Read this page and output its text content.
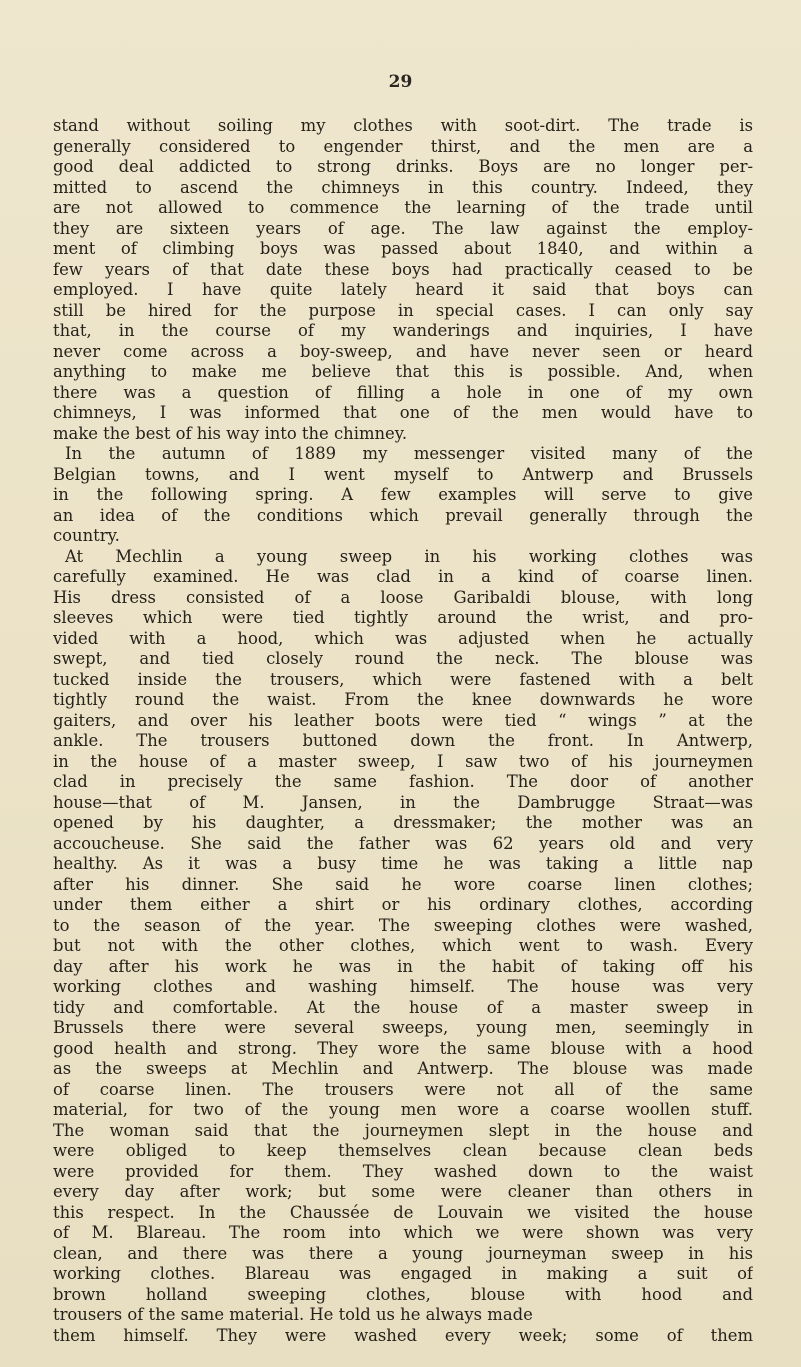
29
stand without soiling my clothes with soot-dirt. The trade is
generally considered to engender thirst, and the men are a
good deal addicted to strong drinks. Boys are no longer per-
mitted to ascend the chimneys in this country. Indeed, they
are not allowed to commence the learning of the trade until
they are sixteen years of age. The law against the employ-
ment of climbing boys was passed about 1840, and within a
few years of that date these boys had practically ceased to be
employed. I have quite lately heard it said that boys can
still be hired for the purpose in special cases. I can only say
that, in the course of my wanderings and inquiries, I have
never come across a boy-sweep, and have never seen or heard
anything to make me believe that this is possible. And, when
there was a question of filling a hole in one of my own
chimneys, I was informed that one of the men would have to
make the best of his way into the chimney.
In the autumn of 1889 my messenger visited many of the
Belgian towns, and I went myself to Antwerp and Brussels
in the following spring. A few examples will serve to give
an idea of the conditions which prevail generally through the
country.
At Mechlin a young sweep in his working clothes was
carefully examined. He was clad in a kind of coarse linen.
His dress consisted of a loose Garibaldi blouse, with long
sleeves which were tied tightly around the wrist, and pro-
vided with a hood, which was adjusted when he actually
swept, and tied closely round the neck. The blouse was
tucked inside the trousers, which were fastened with a belt
tightly round the waist. From the knee downwards he wore
gaiters, and over his leather boots were tied “ wings ” at the
ankle. The trousers buttoned down the front. In Antwerp,
in the house of a master sweep, I saw two of his journeymen
clad in precisely the same fashion. The door of another
house—that of M. Jansen, in the Dambrugge Straat—was
opened by his daughter, a dressmaker; the mother was an
accoucheuse. She said the father was 62 years old and very
healthy. As it was a busy time he was taking a little nap
after his dinner. She said he wore coarse linen clothes;
under them either a shirt or his ordinary clothes, according
to the season of the year. The sweeping clothes were washed,
but not with the other clothes, which went to wash. Every
day after his work he was in the habit of taking off his
working clothes and washing himself. The house was very
tidy and comfortable. At the house of a master sweep in
Brussels there were several sweeps, young men, seemingly in
good health and strong. They wore the same blouse with a hood
as the sweeps at Mechlin and Antwerp. The blouse was made
of coarse linen. The trousers were not all of the same
material, for two of the young men wore a coarse woollen stuff.
The woman said that the journeymen slept in the house and
were obliged to keep themselves clean because clean beds
were provided for them. They washed down to the waist
every day after work; but some were cleaner than others in
this respect. In the Chaussée de Louvain we visited the house
of M. Blareau. The room into which we were shown was very
clean, and there was there a young journeyman sweep in his
working clothes. Blareau was engaged in making a suit of
brown holland sweeping clothes, blouse with hood and
trousers of the same material. He told us he always made
them himself. They were washed every week; some of them
